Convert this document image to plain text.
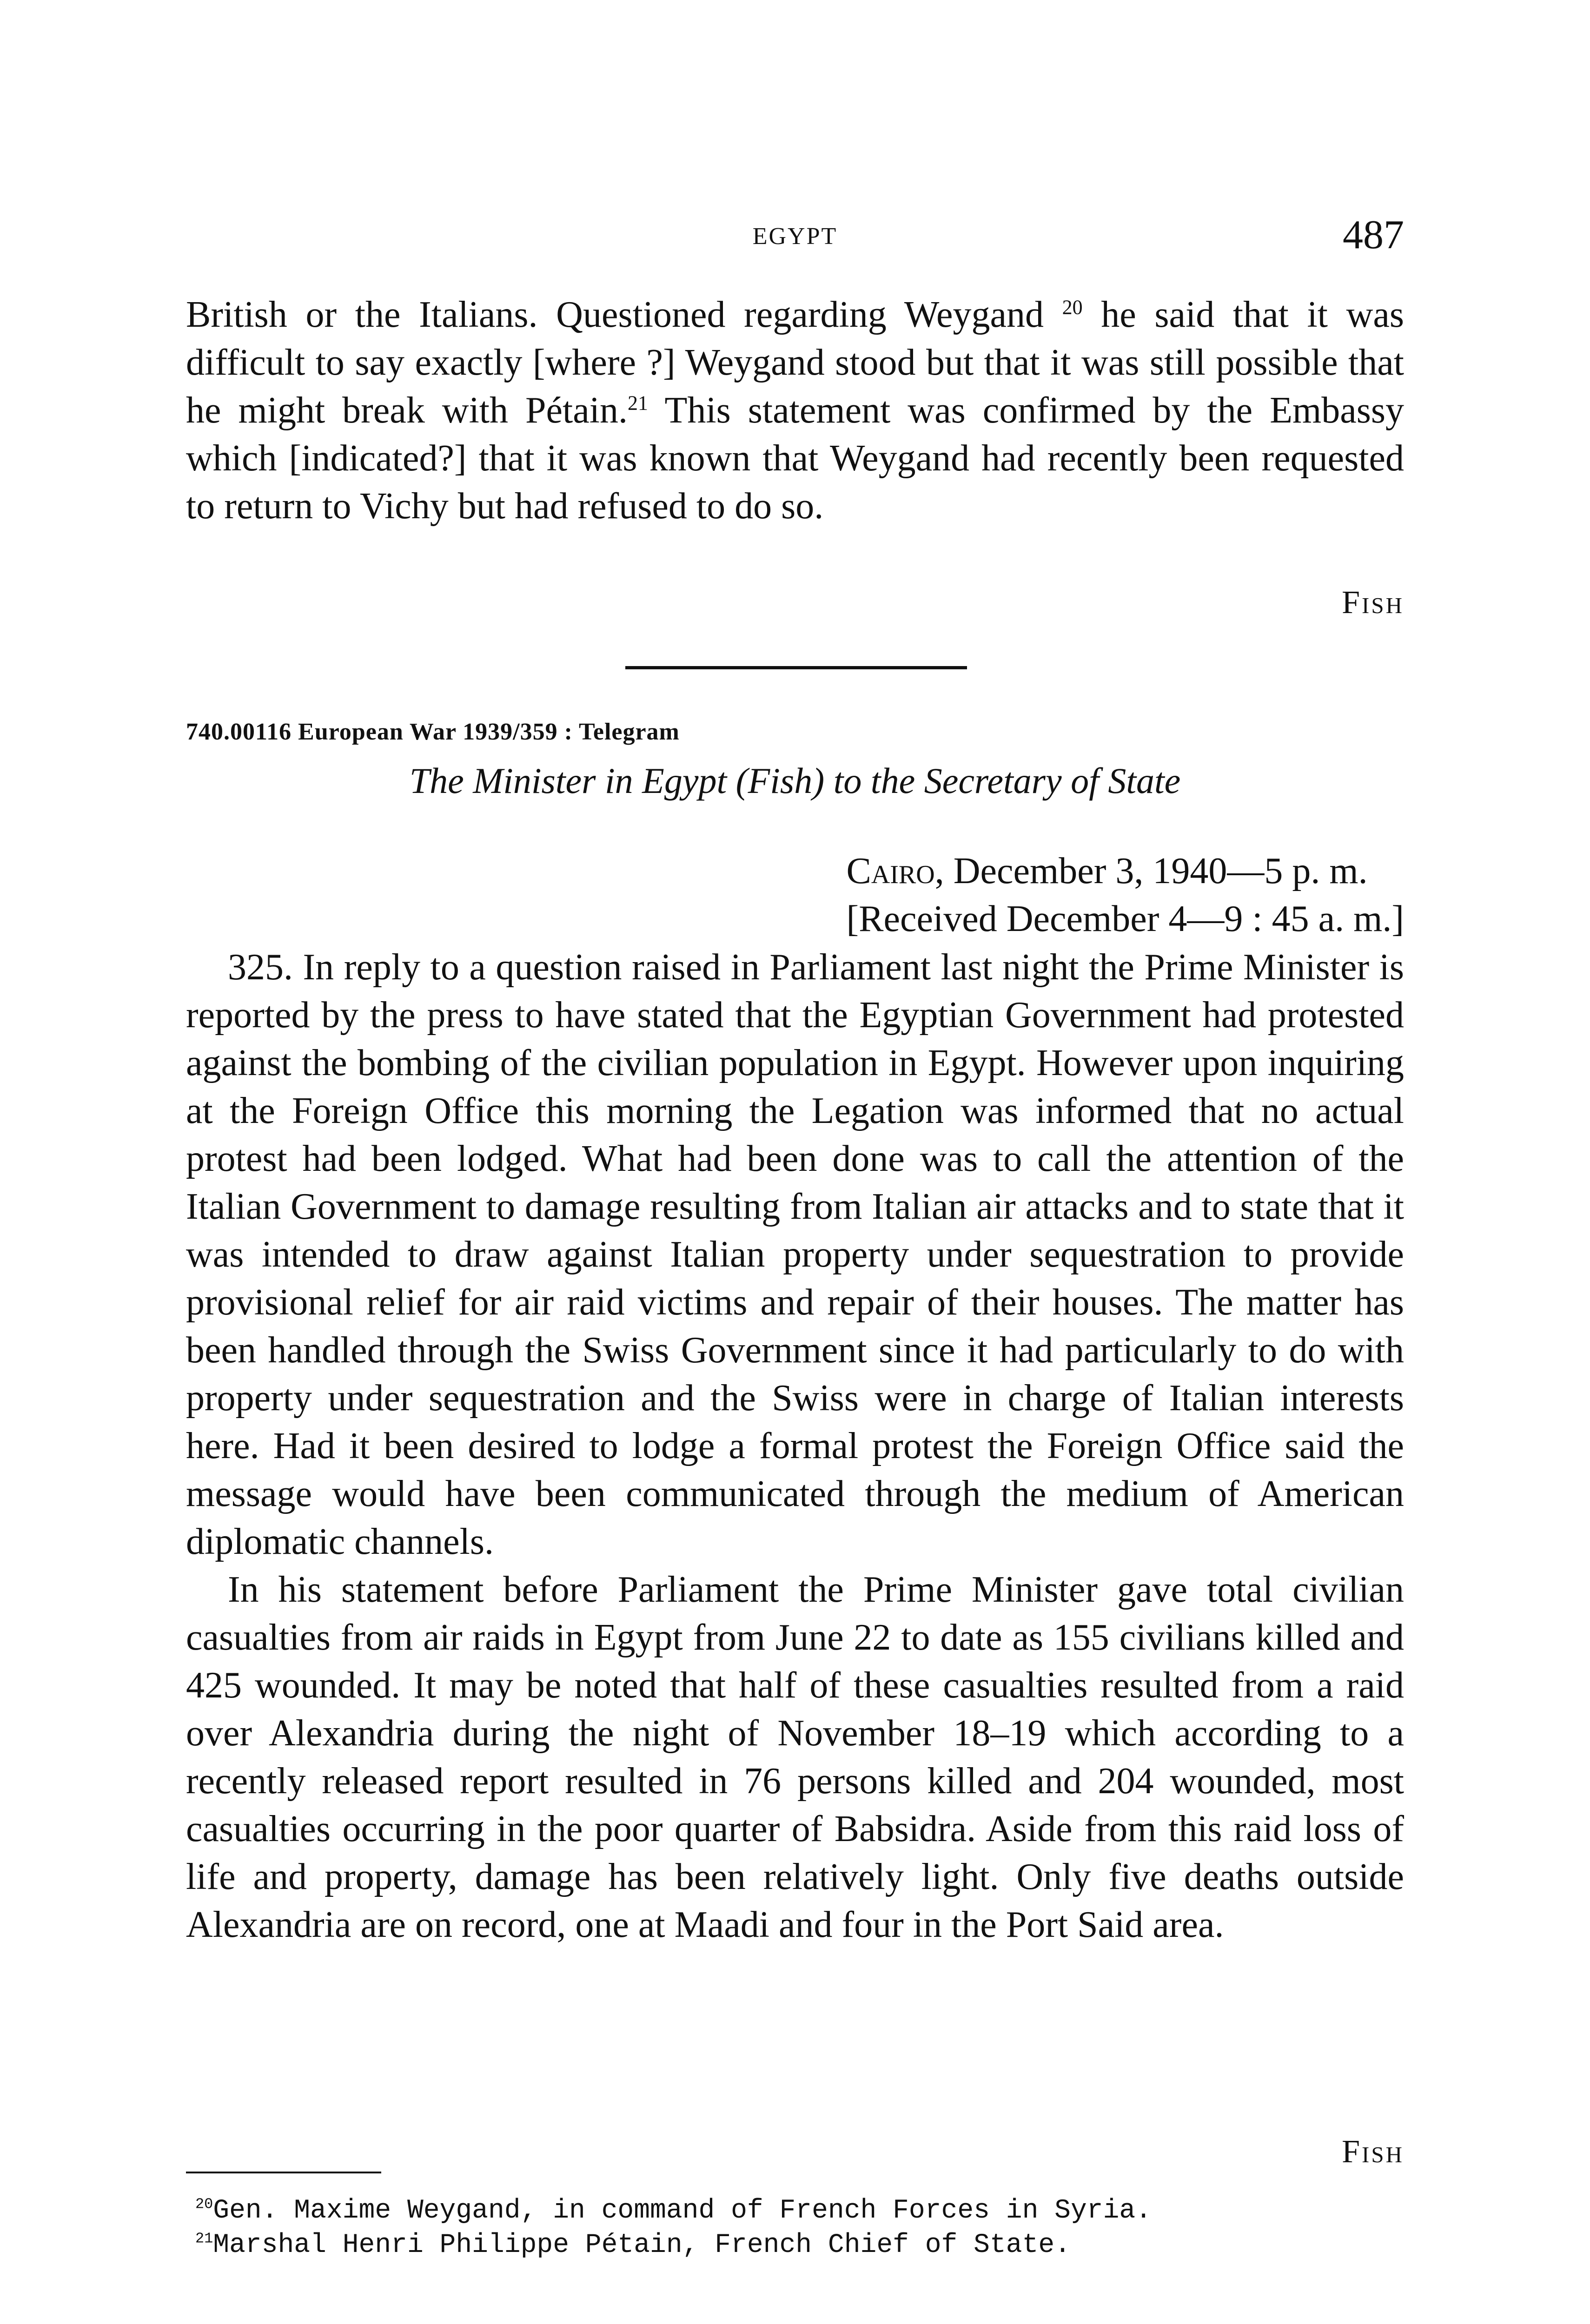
EGYPT	487

British or the Italians. Questioned regarding Weygand $^{20}$ he said that it was difficult to say exactly [where ?] Weygand stood but that it was still possible that he might break with Pétain.$^{21}$ This statement was confirmed by the Embassy which [indicated?] that it was known that Weygand had recently been requested to return to Vichy but had refused to do so.

Fish
740.00116 European War 1939/359 : Telegram
The Minister in Egypt (Fish) to the Secretary of State
Cairo, December 3, 1940—5 p. m.
[Received December 4—9 : 45 a. m.]

325. In reply to a question raised in Parliament last night the Prime Minister is reported by the press to have stated that the Egyptian Government had protested against the bombing of the civilian population in Egypt. However upon inquiring at the Foreign Office this morning the Legation was informed that no actual protest had been lodged. What had been done was to call the attention of the Italian Government to damage resulting from Italian air attacks and to state that it was intended to draw against Italian property under sequestration to provide provisional relief for air raid victims and repair of their houses. The matter has been handled through the Swiss Government since it had particularly to do with property under sequestration and the Swiss were in charge of Italian interests here. Had it been desired to lodge a formal protest the Foreign Office said the message would have been communicated through the medium of American diplomatic channels.

In his statement before Parliament the Prime Minister gave total civilian casualties from air raids in Egypt from June 22 to date as 155 civilians killed and 425 wounded. It may be noted that half of these casualties resulted from a raid over Alexandria during the night of November 18–19 which according to a recently released report resulted in 76 persons killed and 204 wounded, most casualties occurring in the poor quarter of Babsidra. Aside from this raid loss of life and property, damage has been relatively light. Only five deaths outside Alexandria are on record, one at Maadi and four in the Port Said area.

Fish
$^{20}$Gen. Maxime Weygand, in command of French Forces in Syria.
$^{21}$Marshal Henri Philippe Pétain, French Chief of State.
